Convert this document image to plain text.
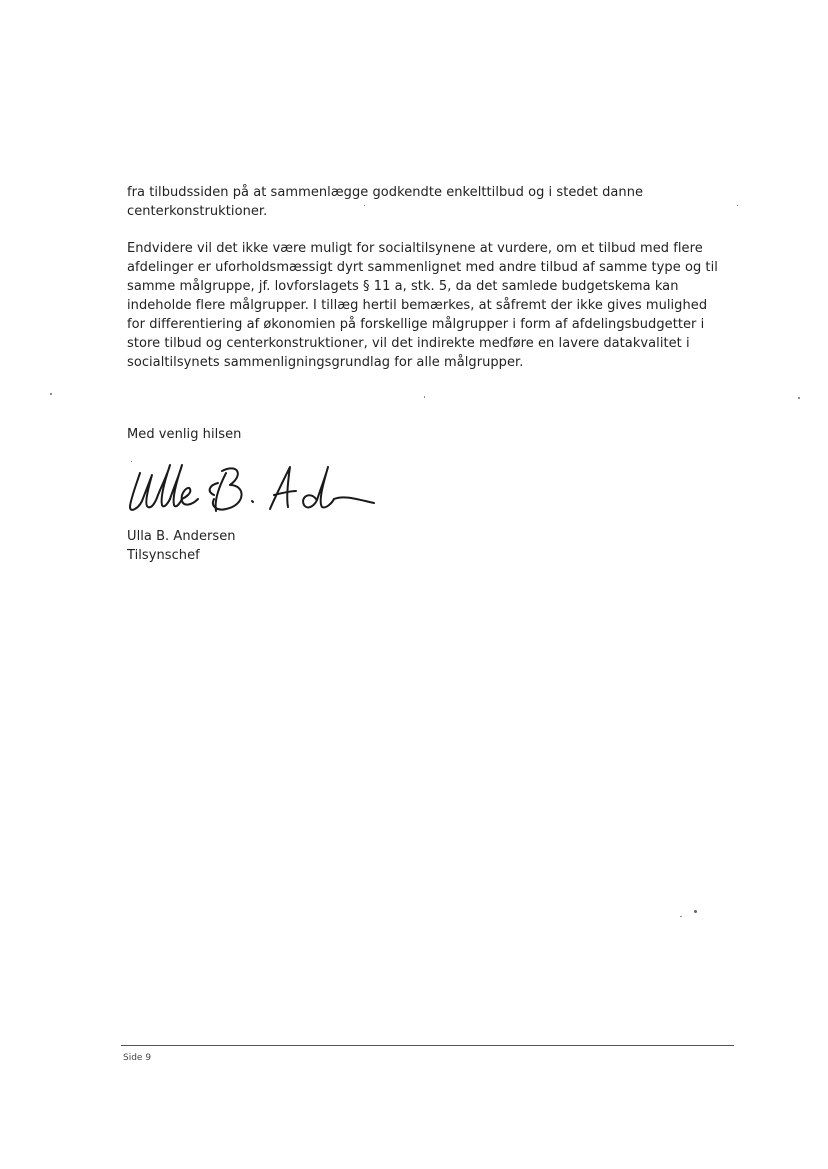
fra tilbudssiden på at sammenlægge godkendte enkelttilbud og i stedet danne
centerkonstruktioner.
Endvidere vil det ikke være muligt for socialtilsynene at vurdere, om et tilbud med flere
afdelinger er uforholdsmæssigt dyrt sammenlignet med andre tilbud af samme type og til
samme målgruppe, jf. lovforslagets § 11 a, stk. 5, da det samlede budgetskema kan
indeholde flere målgrupper. I tillæg hertil bemærkes, at såfremt der ikke gives mulighed
for differentiering af økonomien på forskellige målgrupper i form af afdelingsbudgetter i
store tilbud og centerkonstruktioner, vil det indirekte medføre en lavere datakvalitet i
socialtilsynets sammenligningsgrundlag for alle målgrupper.
Med venlig hilsen
Ulla B. Andersen
Tilsynschef
Side 9
